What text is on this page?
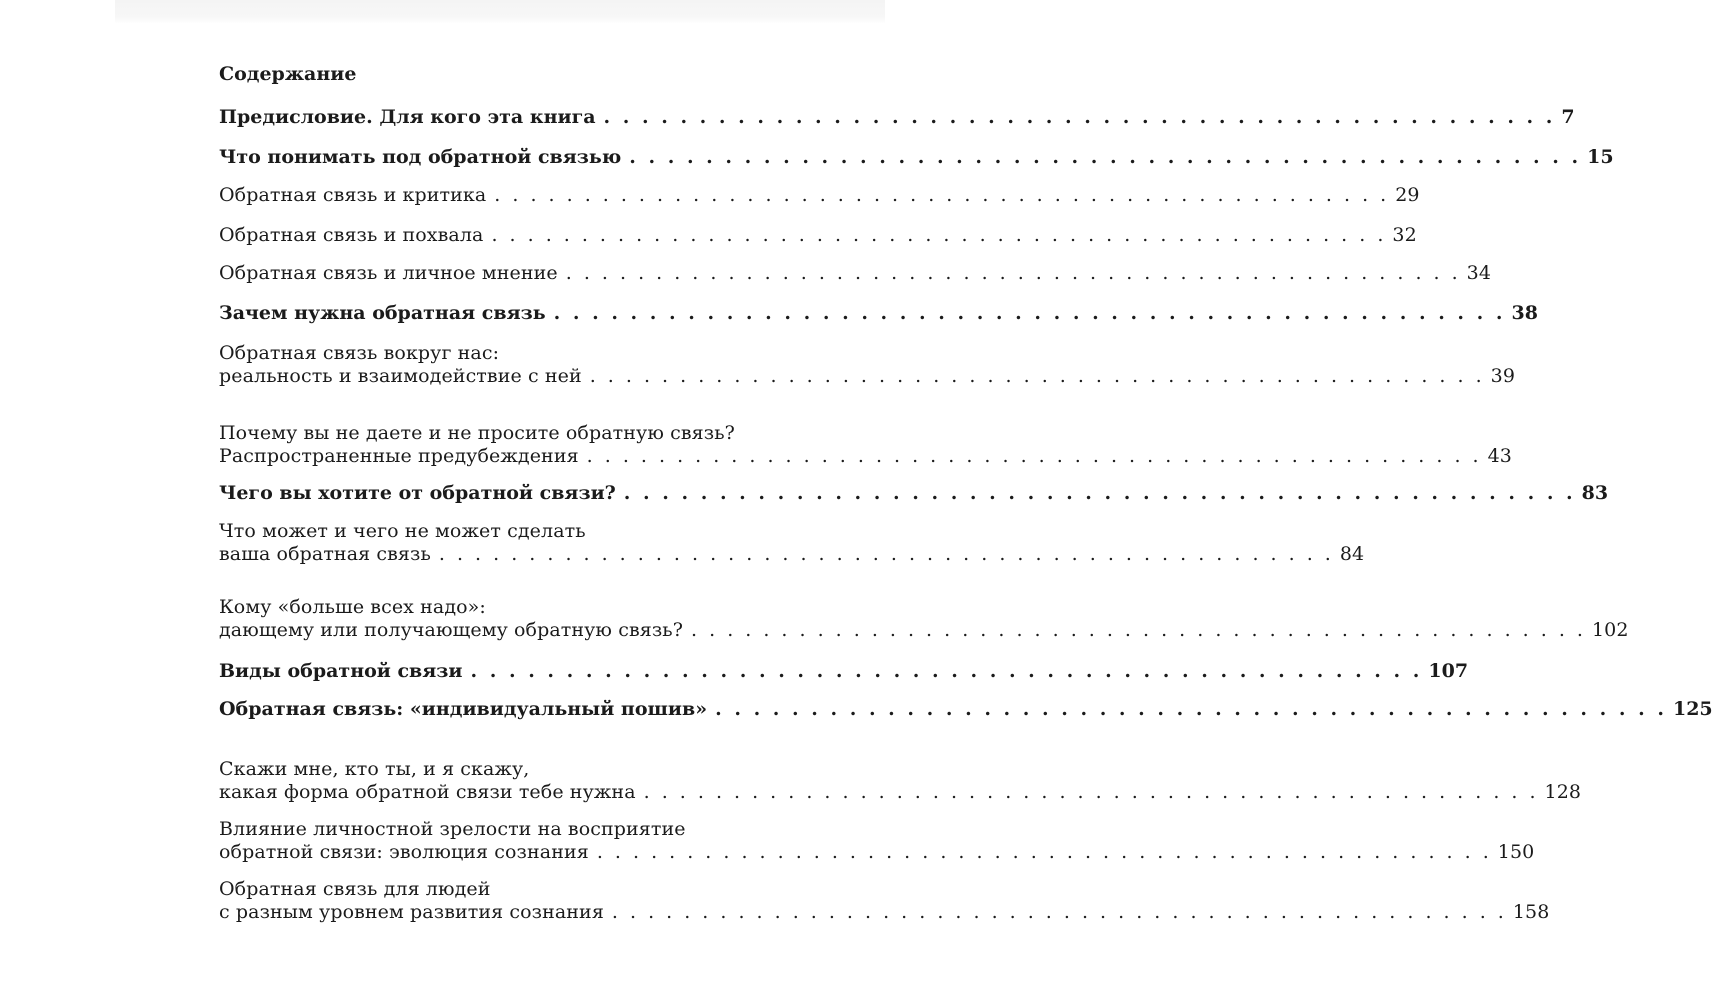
Содержание
Предисловие. Для кого эта книга . . . . . . . . . . . . . . . . . . . . . . . . . . . . . . . . . . . . . . . . . . . . . . . . . . 7
Что понимать под обратной связью . . . . . . . . . . . . . . . . . . . . . . . . . . . . . . . . . . . . . . . . . . . . . . . . . . 15
Обратная связь и критика . . . . . . . . . . . . . . . . . . . . . . . . . . . . . . . . . . . . . . . . . . . . . . . . . . 29
Обратная связь и похвала . . . . . . . . . . . . . . . . . . . . . . . . . . . . . . . . . . . . . . . . . . . . . . . . . . 32
Обратная связь и личное мнение . . . . . . . . . . . . . . . . . . . . . . . . . . . . . . . . . . . . . . . . . . . . . . . . . . 34
Зачем нужна обратная связь . . . . . . . . . . . . . . . . . . . . . . . . . . . . . . . . . . . . . . . . . . . . . . . . . . 38
Обратная связь вокруг нас:
реальность и взаимодействие с ней . . . . . . . . . . . . . . . . . . . . . . . . . . . . . . . . . . . . . . . . . . . . . . . . . . 39
Почему вы не даете и не просите обратную связь?
Распространенные предубеждения . . . . . . . . . . . . . . . . . . . . . . . . . . . . . . . . . . . . . . . . . . . . . . . . . . 43
Чего вы хотите от обратной связи? . . . . . . . . . . . . . . . . . . . . . . . . . . . . . . . . . . . . . . . . . . . . . . . . . . 83
Что может и чего не может сделать
ваша обратная связь . . . . . . . . . . . . . . . . . . . . . . . . . . . . . . . . . . . . . . . . . . . . . . . . . . 84
Кому «больше всех надо»:
дающему или получающему обратную связь? . . . . . . . . . . . . . . . . . . . . . . . . . . . . . . . . . . . . . . . . . . . . . . . . . . 102
Виды обратной связи . . . . . . . . . . . . . . . . . . . . . . . . . . . . . . . . . . . . . . . . . . . . . . . . . . 107
Обратная связь: «индивидуальный пошив» . . . . . . . . . . . . . . . . . . . . . . . . . . . . . . . . . . . . . . . . . . . . . . . . . . 125
Скажи мне, кто ты, и я скажу,
какая форма обратной связи тебе нужна . . . . . . . . . . . . . . . . . . . . . . . . . . . . . . . . . . . . . . . . . . . . . . . . . . 128
Влияние личностной зрелости на восприятие
обратной связи: эволюция сознания . . . . . . . . . . . . . . . . . . . . . . . . . . . . . . . . . . . . . . . . . . . . . . . . . . 150
Обратная связь для людей
с разным уровнем развития сознания . . . . . . . . . . . . . . . . . . . . . . . . . . . . . . . . . . . . . . . . . . . . . . . . . . 158
